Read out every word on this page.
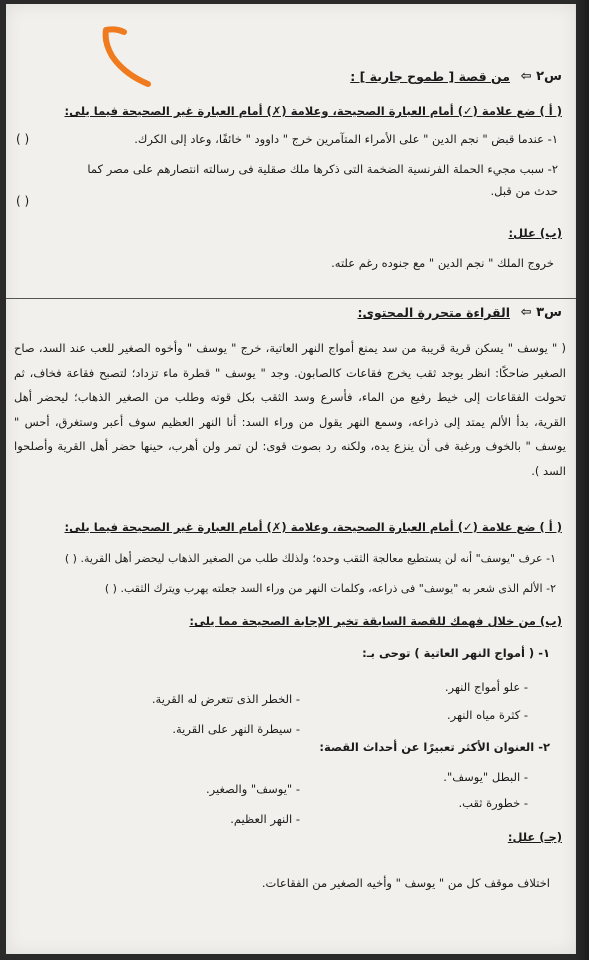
س٢ ⇦
من قصة [ طموح جارية ] :
( أ ) ضع علامة (✓) أمام العبارة الصحيحة، وعلامة (✗) أمام العبارة غير الصحيحة فيما يلى:
١- عندما قبض " نجم الدين " على الأمراء المتآمرين خرج " داوود " خائفًا، وعاد إلى الكرك.
( )
٢- سبب مجيء الحملة الفرنسية الضخمة التى ذكرها ملك صقلية فى رسالته انتصارهم على مصر كما
حدث من قبل.
( )
(ب) علل:
خروج الملك " نجم الدين " مع جنوده رغم علته.
س٣ ⇦
القراءة متحررة المحتوى:
( " يوسف " يسكن قرية قريبة من سد يمنع أمواج النهر العاتية، خرج " يوسف " وأخوه الصغير للعب عند السد، صاح الصغير ضاحكًا: انظر يوجد ثقب يخرج فقاعات كالصابون. وجد " يوسف " قطرة ماء تزداد؛ لتصبح فقاعة فخاف، ثم تحولت الفقاعات إلى خيط رفيع من الماء، فأسرع وسد الثقب بكل قوته وطلب من الصغير الذهاب؛ ليحضر أهل القرية، بدأ الألم يمتد إلى ذراعه، وسمع النهر يقول من وراء السد: أنا النهر العظيم سوف أعبر وستغرق، أحس " يوسف " بالخوف ورغبة فى أن ينزع يده، ولكنه رد بصوت قوى: لن تمر ولن أهرب، حينها حضر أهل القرية وأصلحوا السد ).
( أ ) ضع علامة (✓) أمام العبارة الصحيحة، وعلامة (✗) أمام العبارة غير الصحيحة فيما يلى:
١- عرف "يوسف" أنه لن يستطيع معالجة الثقب وحده؛ ولذلك طلب من الصغير الذهاب ليحضر أهل القرية. ( )
٢- الألم الذى شعر به "يوسف" فى ذراعه، وكلمات النهر من وراء السد جعلته يهرب ويترك الثقب. ( )
(ب) من خلال فهمك للقصة السابقة تخير الإجابة الصحيحة مما يلى:
١- ( أمواج النهر العاتية ) توحى بـ:
- علو أمواج النهر.
- الخطر الذى تتعرض له القرية.
- كثرة مياه النهر.
- سيطرة النهر على القرية.
٢- العنوان الأكثر تعبيرًا عن أحداث القصة:
- البطل "يوسف".
- "يوسف" والصغير.
- خطورة ثقب.
- النهر العظيم.
(جـ) علل:
اختلاف موقف كل من " يوسف " وأخيه الصغير من الفقاعات.
